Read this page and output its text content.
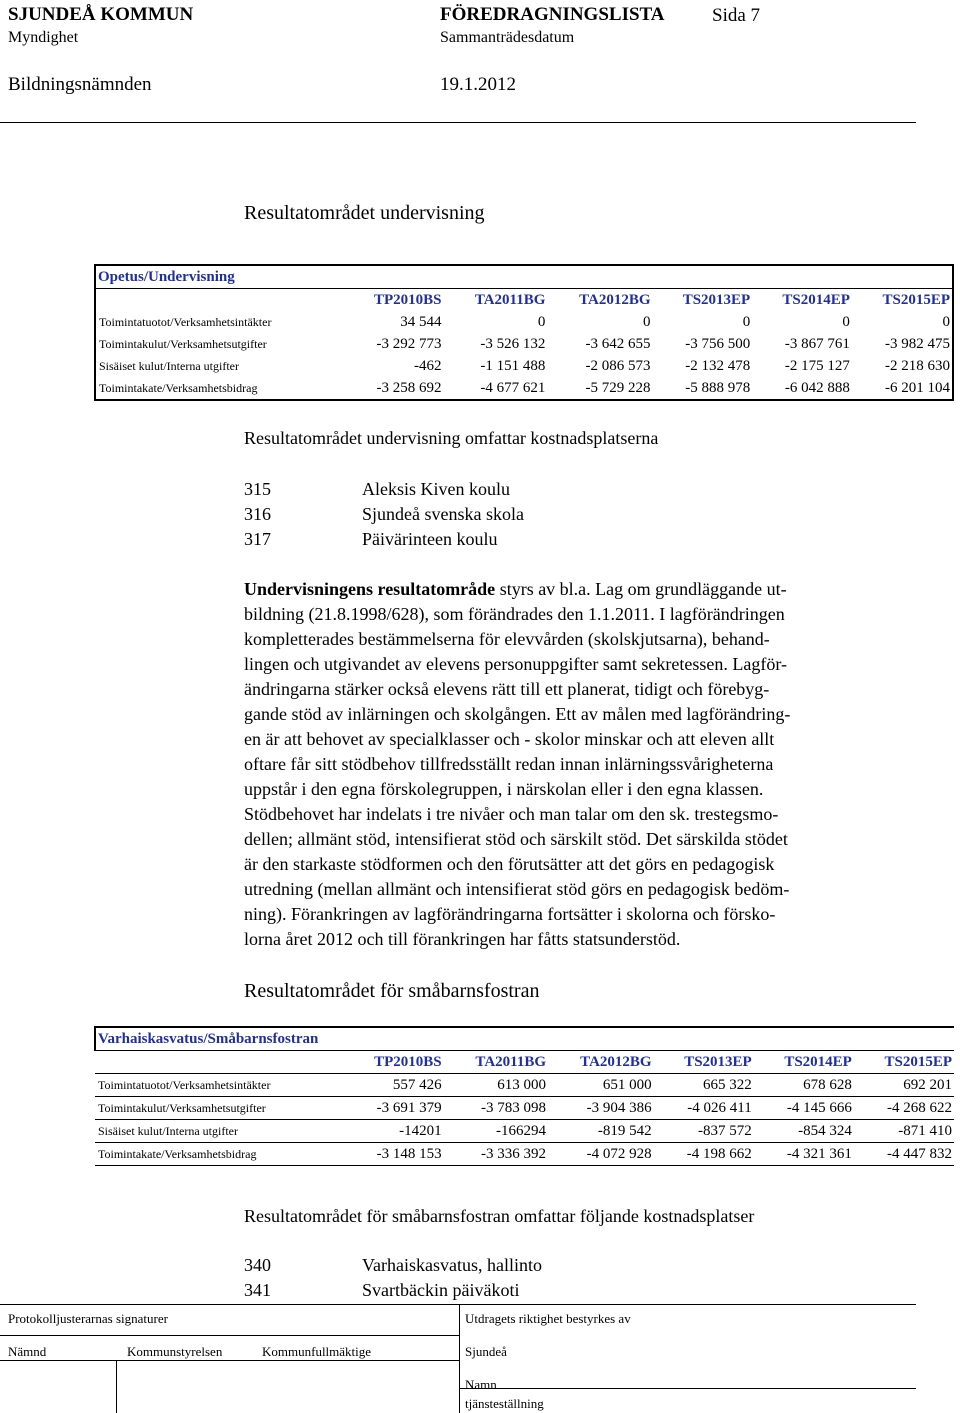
SJUNDEÅ KOMMUN
Myndighet
Bildningsnämnden
FÖREDRAGNINGSLISTA Sida 7
Sammanträdesdatum
19.1.2012
Resultatområdet undervisning
Opetus/Undervisning						
	TP2010BS	TA2011BG	TA2012BG	TS2013EP	TS2014EP	TS2015EP
Toimintatuotot/Verksamhetsintäkter	34 544	0	0	0	0	0
Toimintakulut/Verksamhetsutgifter	-3 292 773	-3 526 132	-3 642 655	-3 756 500	-3 867 761	-3 982 475
Sisäiset kulut/Interna utgifter	-462	-1 151 488	-2 086 573	-2 132 478	-2 175 127	-2 218 630
Toimintakate/Verksamhetsbidrag	-3 258 692	-4 677 621	-5 729 228	-5 888 978	-6 042 888	-6 201 104
Resultatområdet undervisning omfattar kostnadsplatserna
315	Aleksis Kiven koulu
316	Sjundeå svenska skola
317	Päivärinteen koulu
Undervisningens resultatområde styrs av bl.a. Lag om grundläggande ut-
bildning (21.8.1998/628), som förändrades den 1.1.2011. I lagförändringen
kompletterades bestämmelserna för elevvården (skolskjutsarna), behand-
lingen och utgivandet av elevens personuppgifter samt sekretessen. Lagför-
ändringarna stärker också elevens rätt till ett planerat, tidigt och förebyg-
gande stöd av inlärningen och skolgången. Ett av målen med lagförändring-
en är att behovet av specialklasser och - skolor minskar och att eleven allt
oftare får sitt stödbehov tillfredsställt redan innan inlärningssvårigheterna
uppstår i den egna förskolegruppen, i närskolan eller i den egna klassen.
Stödbehovet har indelats i tre nivåer och man talar om den sk. trestegsmo-
dellen; allmänt stöd, intensifierat stöd och särskilt stöd. Det särskilda stödet
är den starkaste stödformen och den förutsätter att det görs en pedagogisk
utredning (mellan allmänt och intensifierat stöd görs en pedagogisk bedöm-
ning). Förankringen av lagförändringarna fortsätter i skolorna och försko-
lorna året 2012 och till förankringen har fåtts statsunderstöd.
Resultatområdet för småbarnsfostran
Varhaiskasvatus/Småbarnsfostran						
	TP2010BS	TA2011BG	TA2012BG	TS2013EP	TS2014EP	TS2015EP
Toimintatuotot/Verksamhetsintäkter	557 426	613 000	651 000	665 322	678 628	692 201
Toimintakulut/Verksamhetsutgifter	-3 691 379	-3 783 098	-3 904 386	-4 026 411	-4 145 666	-4 268 622
Sisäiset kulut/Interna utgifter	-14201	-166294	-819 542	-837 572	-854 324	-871 410
Toimintakate/Verksamhetsbidrag	-3 148 153	-3 336 392	-4 072 928	-4 198 662	-4 321 361	-4 447 832
Resultatområdet för småbarnsfostran omfattar följande kostnadsplatser
340	Varhaiskasvatus, hallinto
341	Svartbäckin päiväkoti
Protokolljusterarnas signaturer	Utdragets riktighet bestyrkes av
Nämnd	Kommunstyrelsen	Kommunfullmäktige	Sjundeå
Namn
tjänsteställning
